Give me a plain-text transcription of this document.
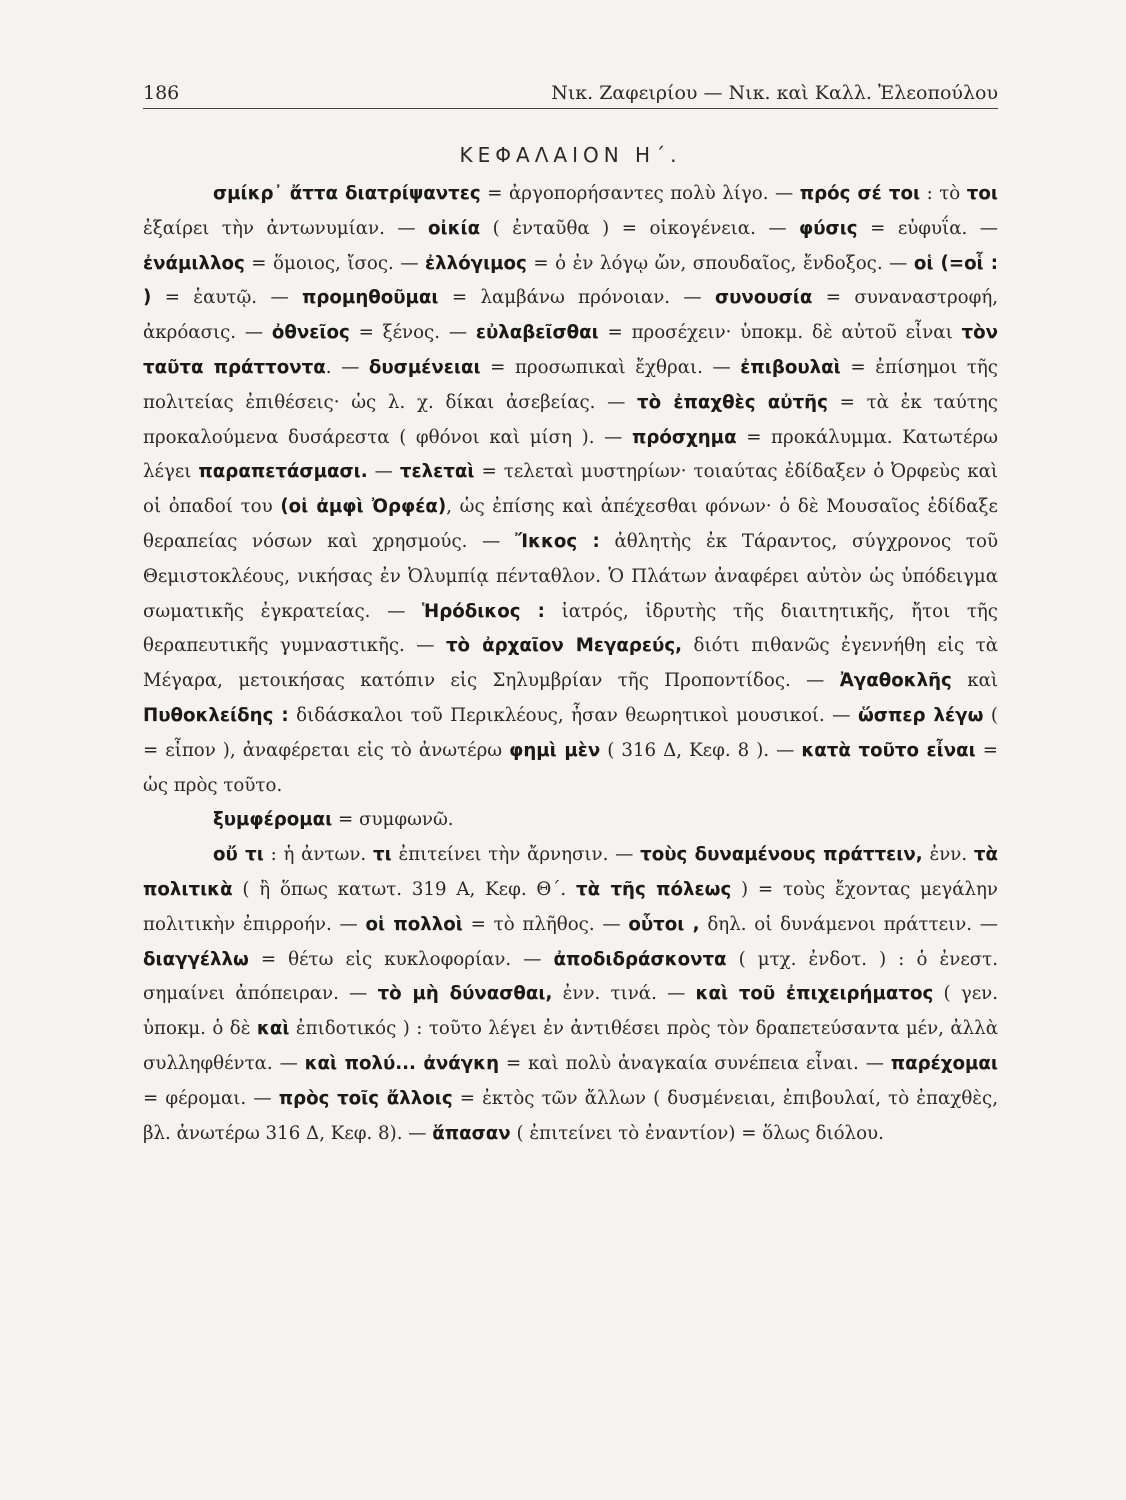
186	Νικ. Ζαφειρίου — Νικ. καὶ Καλλ. Ἐλεοπούλου
ΚΕΦΑΛΑΙΟΝ Η΄.

σμίκρ᾽ ἄττα διατρίψαντες = ἀργοπορήσαντες πολὺ λίγο. — πρός σέ τοι : τὸ τοι ἐξαίρει τὴν ἀντωνυμίαν. — οἰκία ( ἐνταῦθα ) = οἰκογένεια. — φύσις = εὐφυΐα. — ἐνάμιλλος = ὅμοιος, ἴσος. — ἐλλόγιμος = ὁ ἐν λόγῳ ὤν, σπουδαῖος, ἔνδοξος. — οἱ (=οἷ : ) = ἑαυτῷ. — προμηθοῦμαι = λαμβάνω πρόνοιαν. — συνουσία = συναναστροφή, ἀκρόασις. — ὀθνεῖος = ξένος. — εὐλαβεῖσθαι = προσέχειν· ὑποκμ. δὲ αὐτοῦ εἶναι τὸν ταῦτα πράττοντα. — δυσμένειαι = προσωπικαὶ ἔχθραι. — ἐπιβουλαὶ = ἐπίσημοι τῆς πολιτείας ἐπιθέσεις· ὡς λ. χ. δίκαι ἀσεβείας. — τὸ ἐπαχθὲς αὐτῆς = τὰ ἐκ ταύτης προκαλούμενα δυσάρεστα ( φθόνοι καὶ μίση ). — πρόσχημα = προκάλυμμα. Κατωτέρω λέγει παραπετάσμασι. — τελεταὶ = τελεταὶ μυστηρίων· τοιαύτας ἐδίδαξεν ὁ Ὀρφεὺς καὶ οἱ ὀπαδοί του (οἱ ἀμφὶ Ὀρφέα), ὡς ἐπίσης καὶ ἀπέχεσθαι φόνων· ὁ δὲ Μουσαῖος ἐδίδαξε θεραπείας νόσων καὶ χρησμούς. — Ἴκκος : ἀθλητὴς ἐκ Τάραντος, σύγχρονος τοῦ Θεμιστοκλέους, νικήσας ἐν Ὀλυμπίᾳ πένταθλον. Ὁ Πλάτων ἀναφέρει αὐτὸν ὡς ὑπόδειγμα σωματικῆς ἐγκρατείας. — Ἡρόδικος : ἰατρός, ἱδρυτὴς τῆς διαιτητικῆς, ἤτοι τῆς θεραπευτικῆς γυμναστικῆς. — τὸ ἀρχαῖον Μεγαρεύς, διότι πιθανῶς ἐγεννήθη εἰς τὰ Μέγαρα, μετοικήσας κατόπιν εἰς Σηλυμβρίαν τῆς Προποντίδος. — Ἀγαθοκλῆς καὶ Πυθοκλείδης : διδάσκαλοι τοῦ Περικλέους, ἦσαν θεωρητικοὶ μουσικοί. — ὥσπερ λέγω ( = εἶπον ), ἀναφέρεται εἰς τὸ ἀνωτέρω φημὶ μὲν ( 316 Δ, Κεφ. 8 ). — κατὰ τοῦτο εἶναι = ὡς πρὸς τοῦτο.

ξυμφέρομαι = συμφωνῶ.

οὔ τι : ἡ ἀντων. τι ἐπιτείνει τὴν ἄρνησιν. — τοὺς δυναμένους πράττειν, ἐνν. τὰ πολιτικὰ ( ἢ ὅπως κατωτ. 319 Α, Κεφ. Θ΄. τὰ τῆς πόλεως ) = τοὺς ἔχοντας μεγάλην πολιτικὴν ἐπιρροήν. — οἱ πολλοὶ = τὸ πλῆθος. — οὗτοι , δηλ. οἱ δυνάμενοι πράττειν. — διαγγέλλω = θέτω εἰς κυκλοφορίαν. — ἀποδιδράσκοντα ( μτχ. ἐνδοτ. ) : ὁ ἐνεστ. σημαίνει ἀπόπειραν. — τὸ μὴ δύνασθαι, ἐνν. τινά. — καὶ τοῦ ἐπιχειρήματος ( γεν. ὑποκμ. ὁ δὲ καὶ ἐπιδοτικός ) : τοῦτο λέγει ἐν ἀντιθέσει πρὸς τὸν δραπετεύσαντα μέν, ἀλλὰ συλληφθέντα. — καὶ πολύ... ἀνάγκη = καὶ πολὺ ἀναγκαία συνέπεια εἶναι. — παρέχομαι = φέρομαι. — πρὸς τοῖς ἄλλοις = ἐκτὸς τῶν ἄλλων ( δυσμένειαι, ἐπιβουλαί, τὸ ἐπαχθὲς, βλ. ἀνωτέρω 316 Δ, Κεφ. 8). — ἅπασαν ( ἐπιτείνει τὸ ἐναντίον) = ὅλως διόλου.
